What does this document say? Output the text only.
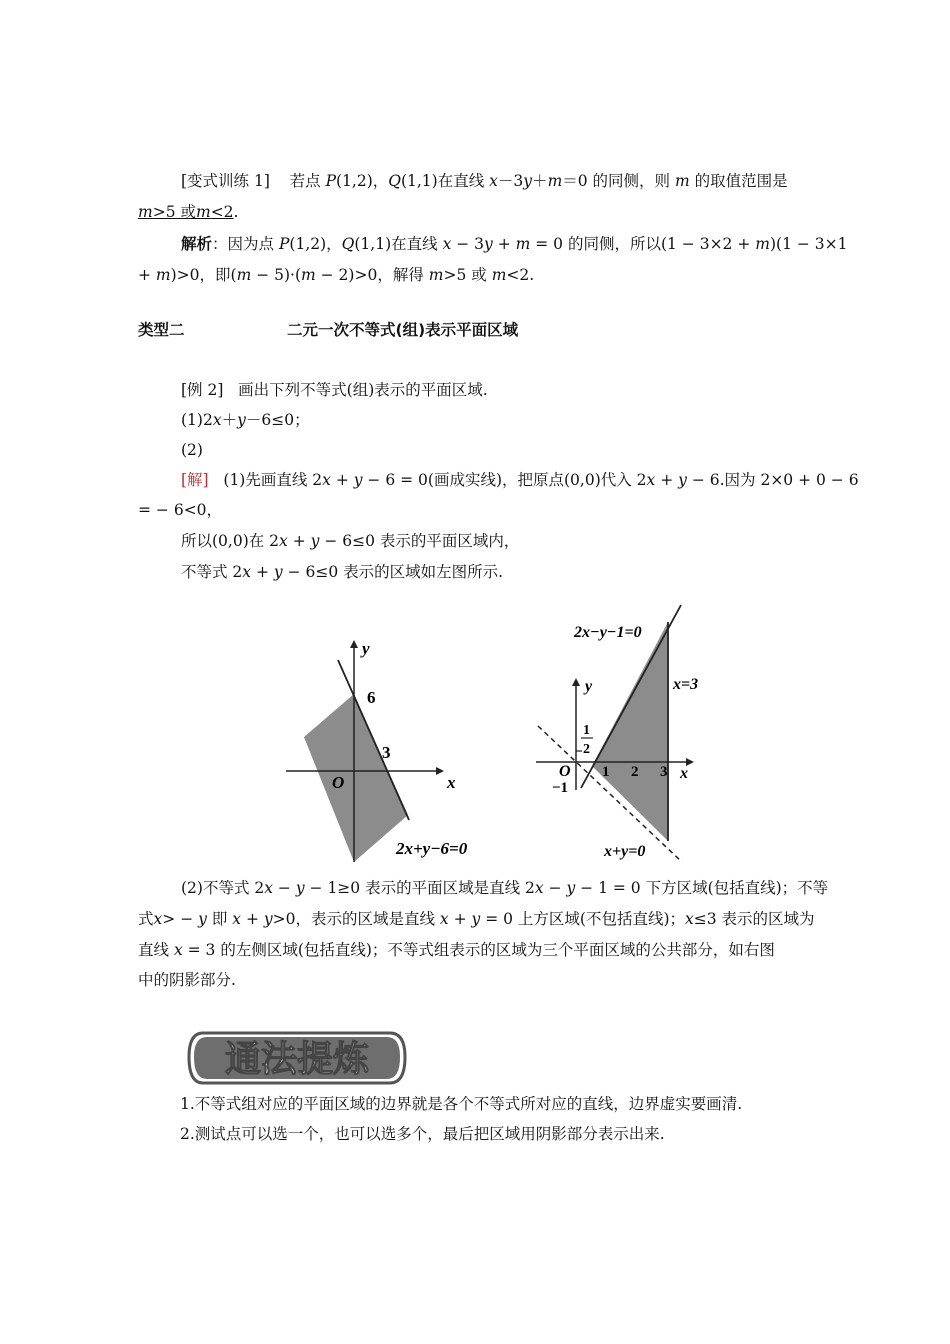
[变式训练 1] 若点 P(1,2)，Q(1,1)在直线 x－3y＋m＝0 的同侧，则 m 的取值范围是

m>5 或m<2.

解析：因为点 P(1,2)，Q(1,1)在直线 x − 3y + m = 0 的同侧，所以(1 − 3×2 + m)(1 − 3×1

+ m)>0，即(m − 5)·(m − 2)>0，解得 m>5 或 m<2.

类型二	二元一次不等式(组)表示平面区域

[例 2] 画出下列不等式(组)表示的平面区域.

(1)2x＋y－6≤0；

(2)

[解] (1)先画直线 2x + y − 6 = 0(画成实线)，把原点(0,0)代入 2x + y − 6.因为 2×0 + 0 − 6

= − 6<0，

所以(0,0)在 2x + y − 6≤0 表示的平面区域内，

不等式 2x + y − 6≤0 表示的区域如左图所示.

y
x
O
6
3
2x+y−6=0
2x−y−1=0
x=3
x+y=0
y
x
O
1
2
1 2 3
−1

(2)不等式 2x − y − 1≥0 表示的平面区域是直线 2x − y − 1 = 0 下方区域(包括直线)；不等

式x> − y 即 x + y>0，表示的区域是直线 x + y = 0 上方区域(不包括直线)；x≤3 表示的区域为

直线 x = 3 的左侧区域(包括直线)；不等式组表示的区域为三个平面区域的公共部分，如右图

中的阴影部分.

通法提炼

1.不等式组对应的平面区域的边界就是各个不等式所对应的直线，边界虚实要画清.

2.测试点可以选一个，也可以选多个，最后把区域用阴影部分表示出来.
